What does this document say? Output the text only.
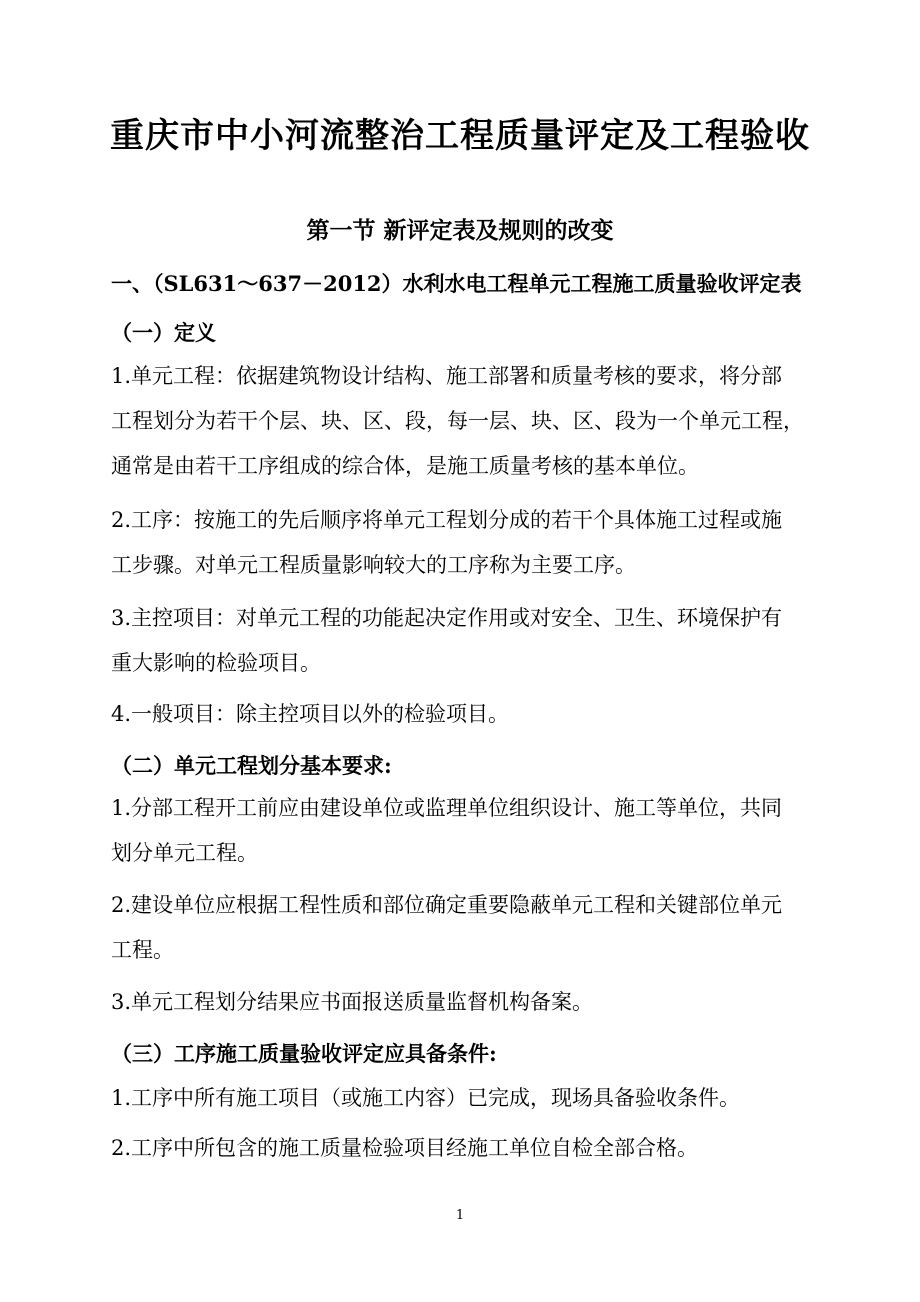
重庆市中小河流整治工程质量评定及工程验收
第一节 新评定表及规则的改变
一、（SL631～637－2012）水利水电工程单元工程施工质量验收评定表
（一）定义
1.单元工程：依据建筑物设计结构、施工部署和质量考核的要求，将分部
工程划分为若干个层、块、区、段，每一层、块、区、段为一个单元工程，
通常是由若干工序组成的综合体，是施工质量考核的基本单位。
2.工序：按施工的先后顺序将单元工程划分成的若干个具体施工过程或施
工步骤。对单元工程质量影响较大的工序称为主要工序。
3.主控项目：对单元工程的功能起决定作用或对安全、卫生、环境保护有
重大影响的检验项目。
4.一般项目：除主控项目以外的检验项目。
（二）单元工程划分基本要求:
1.分部工程开工前应由建设单位或监理单位组织设计、施工等单位，共同
划分单元工程。
2.建设单位应根据工程性质和部位确定重要隐蔽单元工程和关键部位单元
工程。
3.单元工程划分结果应书面报送质量监督机构备案。
（三）工序施工质量验收评定应具备条件:
1.工序中所有施工项目（或施工内容）已完成，现场具备验收条件。
2.工序中所包含的施工质量检验项目经施工单位自检全部合格。
1
